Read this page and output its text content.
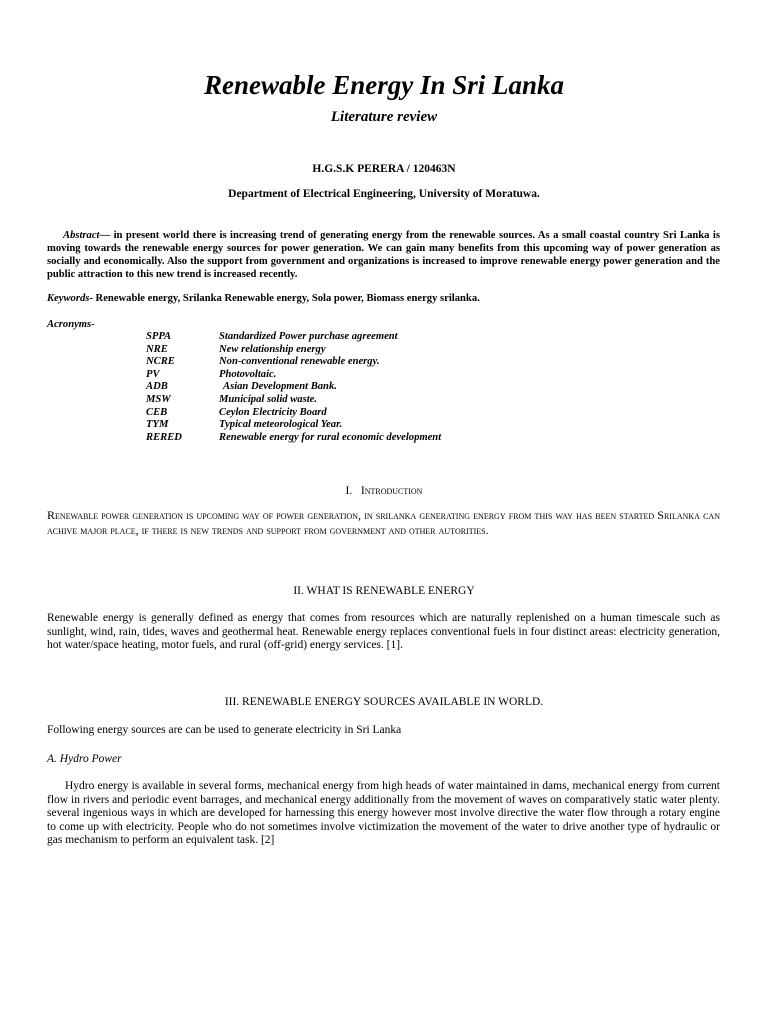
Renewable Energy In Sri Lanka
Literature review
H.G.S.K PERERA / 120463N
Department of Electrical Engineering, University of Moratuwa.

Abstract— in present world there is increasing trend of generating energy from the renewable sources. As a small coastal country Sri Lanka is moving towards the renewable energy sources for power generation. We can gain many benefits from this upcoming way of power generation as socially and economically. Also the support from government and organizations is increased to improve renewable energy power generation and the public attraction to this new trend is increased recently.

Keywords- Renewable energy, Srilanka Renewable energy, Sola power, Biomass energy srilanka.

Acronyms-
SPPA	Standardized Power purchase agreement
NRE	New relationship energy
NCRE	Non-conventional renewable energy.
PV	Photovoltaic.
ADB	Asian Development Bank.
MSW	Municipal solid waste.
CEB	Ceylon Electricity Board
TYM	Typical meteorological Year.
RERED	Renewable energy for rural economic development
I. Introduction

Renewable power generation is upcoming way of power generation, in srilanka generating energy from this way has been started Srilanka can achive major place, if there is new trends and support from government and other autorities.

II. WHAT IS RENEWABLE ENERGY

Renewable energy is generally defined as energy that comes from resources which are naturally replenished on a human timescale such as sunlight, wind, rain, tides, waves and geothermal heat. Renewable energy replaces conventional fuels in four distinct areas: electricity generation, hot water/space heating, motor fuels, and rural (off-grid) energy services. [1].

III. RENEWABLE ENERGY SOURCES AVAILABLE IN WORLD.

Following energy sources are can be used to generate electricity in Sri Lanka

A. Hydro Power

Hydro energy is available in several forms, mechanical energy from high heads of water maintained in dams, mechanical energy from current flow in rivers and periodic event barrages, and mechanical energy additionally from the movement of waves on comparatively static water plenty. several ingenious ways in which are developed for harnessing this energy however most involve directive the water flow through a rotary engine to come up with electricity. People who do not sometimes involve victimization the movement of the water to drive another type of hydraulic or gas mechanism to perform an equivalent task. [2]
